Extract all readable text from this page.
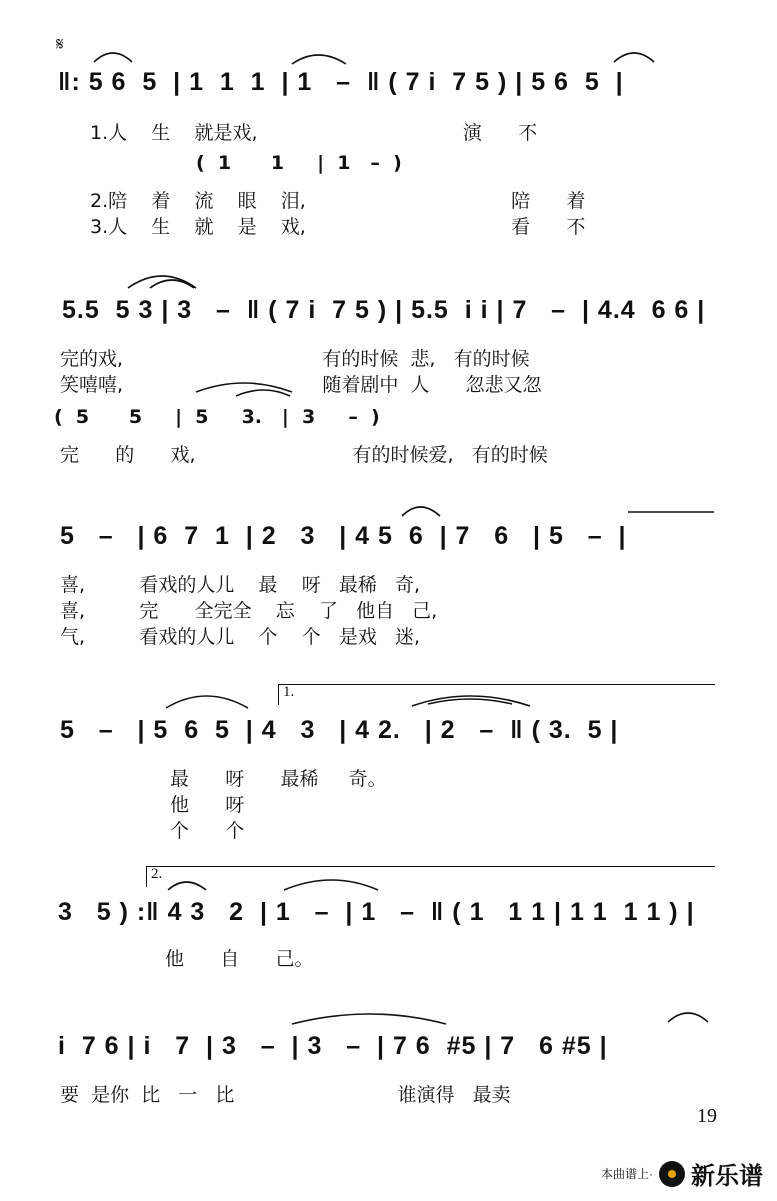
𝄋
‖: 5 6  5  | 1  1  1  | 1   –  ‖ ( 7 i  7 5 ) | 5 6  5  |
1.人    生    就是戏,                                  演      不
(  1      1     |  1   –  )
2.陪    着    流    眼    泪,                                  陪      着
3.人    生    就    是    戏,                                  看      不
5.5  5 3 | 3   –  ‖ ( 7 i  7 5 ) | 5.5  i i | 7   –  | 4.4  6 6 |
完的戏,                                 有的时候  悲,   有的时候
笑嘻嘻,                                 随着剧中  人      忽悲又忽
(  5      5     |  5     3.   |  3     –  )
完      的      戏,                          有的时候爱,   有的时候
5   –   | 6  7  1  | 2   3   | 4 5  6  | 7   6   | 5   –  |
喜,         看戏的人儿    最    呀   最稀   奇,
喜,         完      全完全    忘    了   他自   己,
气,         看戏的人儿    个    个   是戏   迷,
1.
5   –   | 5  6  5  | 4   3   | 4 2.   | 2   –  ‖ ( 3.  5 |
最      呀      最稀     奇。
他      呀
个      个
2.
3   5 ) :‖ 4 3   2  | 1   –  | 1   –  ‖ ( 1   1 1 | 1 1  1 1 ) |
他      自      己。
i  7 6 | i   7  | 3   –  | 3   –  | 7 6  #5 | 7   6 #5 |
要  是你  比   一   比                           谁演得   最卖
19
本曲谱上· 新乐谱
